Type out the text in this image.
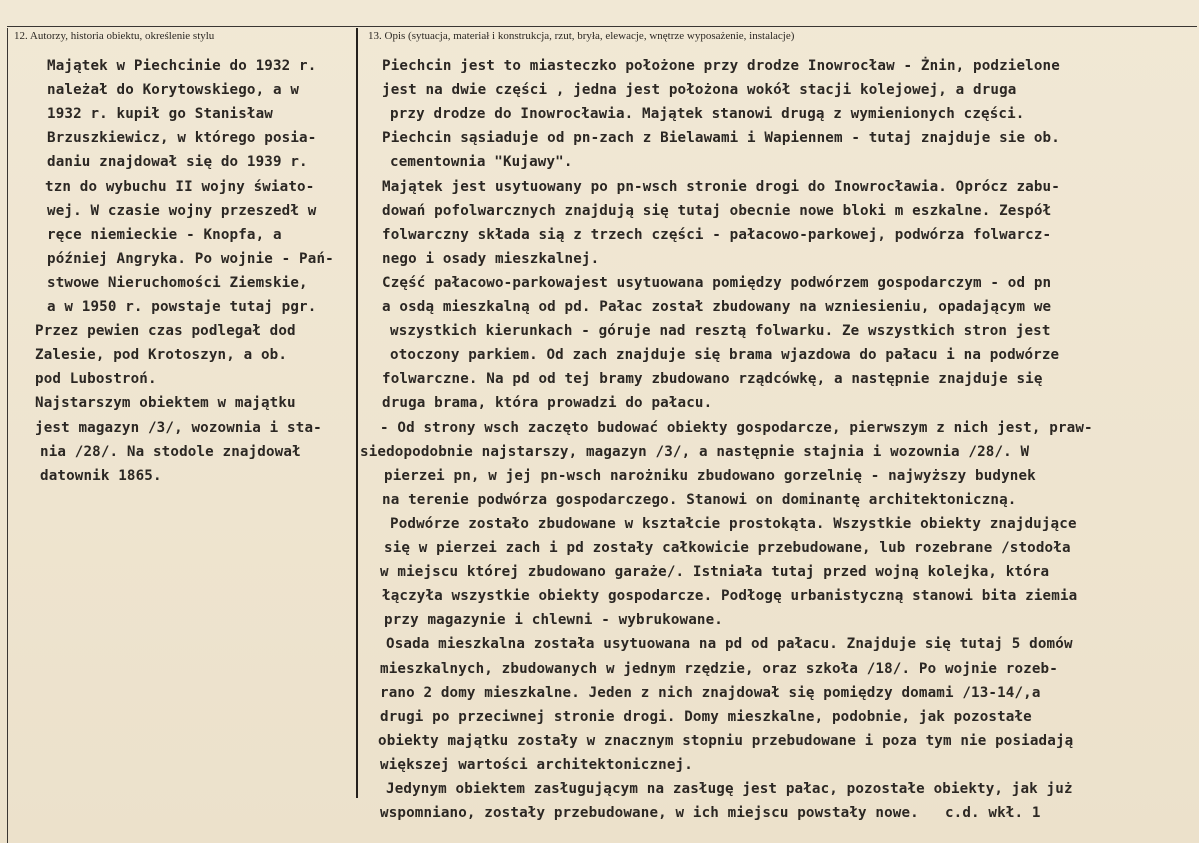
12. Autorzy, historia obiektu, określenie stylu	13. Opis (sytuacja, materiał i konstrukcja, rzut, bryła, elewacje, wnętrze wyposażenie, instalacje)
Majątek w Piechcinie do 1932 r.
należał do Korytowskiego, a w
1932 r. kupił go Stanisław
Brzuszkiewicz, w którego posia-
daniu znajdował się do 1939 r.
tzn do wybuchu II wojny świato-
wej. W czasie wojny przeszedł w
ręce niemieckie - Knopfa, a
później Angryka. Po wojnie - Pań-
stwowe Nieruchomości Ziemskie,
a w 1950 r. powstaje tutaj pgr.
Przez pewien czas podlegał dod
Zalesie, pod Krotoszyn, a ob.
pod Lubostroń.
Najstarszym obiektem w majątku
jest magazyn /3/, wozownia i sta-
nia /28/. Na stodole znajdował
datownik 1865.
Piechcin jest to miasteczko położone przy drodze Inowrocław - Żnin, podzielone
jest na dwie części , jedna jest położona wokół stacji kolejowej, a druga
przy drodze do Inowrocławia. Majątek stanowi drugą z wymienionych części.
Piechcin sąsiaduje od pn-zach z Bielawami i Wapiennem - tutaj znajduje sie ob.
cementownia "Kujawy".
Majątek jest usytuowany po pn-wsch stronie drogi do Inowrocławia. Oprócz zabu-
dowań pofolwarcznych znajdują się tutaj obecnie nowe bloki m eszkalne. Zespół
folwarczny składa sią z trzech części - pałacowo-parkowej, podwórza folwarcz-
nego i osady mieszkalnej.
Część pałacowo-parkowajest usytuowana pomiędzy podwórzem gospodarczym - od pn
a osdą mieszkalną od pd. Pałac został zbudowany na wzniesieniu, opadającym we
wszystkich kierunkach - góruje nad resztą folwarku. Ze wszystkich stron jest
otoczony parkiem. Od zach znajduje się brama wjazdowa do pałacu i na podwórze
folwarczne. Na pd od tej bramy zbudowano rządcówkę, a następnie znajduje się
druga brama, która prowadzi do pałacu.
- Od strony wsch zaczęto budować obiekty gospodarcze, pierwszym z nich jest, praw-
siedopodobnie najstarszy, magazyn /3/, a następnie stajnia i wozownia /28/. W
pierzei pn, w jej pn-wsch narożniku zbudowano gorzelnię - najwyższy budynek
na terenie podwórza gospodarczego. Stanowi on dominantę architektoniczną.
Podwórze zostało zbudowane w kształcie prostokąta. Wszystkie obiekty znajdujące
się w pierzei zach i pd zostały całkowicie przebudowane, lub rozebrane /stodoła
w miejscu której zbudowano garaże/. Istniała tutaj przed wojną kolejka, która
łączyła wszystkie obiekty gospodarcze. Podłogę urbanistyczną stanowi bita ziemia
przy magazynie i chlewni - wybrukowane.
Osada mieszkalna została usytuowana na pd od pałacu. Znajduje się tutaj 5 domów
mieszkalnych, zbudowanych w jednym rzędzie, oraz szkoła /18/. Po wojnie rozeb-
rano 2 domy mieszkalne. Jeden z nich znajdował się pomiędzy domami /13-14/,a
drugi po przeciwnej stronie drogi. Domy mieszkalne, podobnie, jak pozostałe
obiekty majątku zostały w znacznym stopniu przebudowane i poza tym nie posiadają
większej wartości architektonicznej.
Jedynym obiektem zasługującym na zasługę jest pałac, pozostałe obiekty, jak już
wspomniano, zostały przebudowane, w ich miejscu powstały nowe.   c.d. wkł. 1
